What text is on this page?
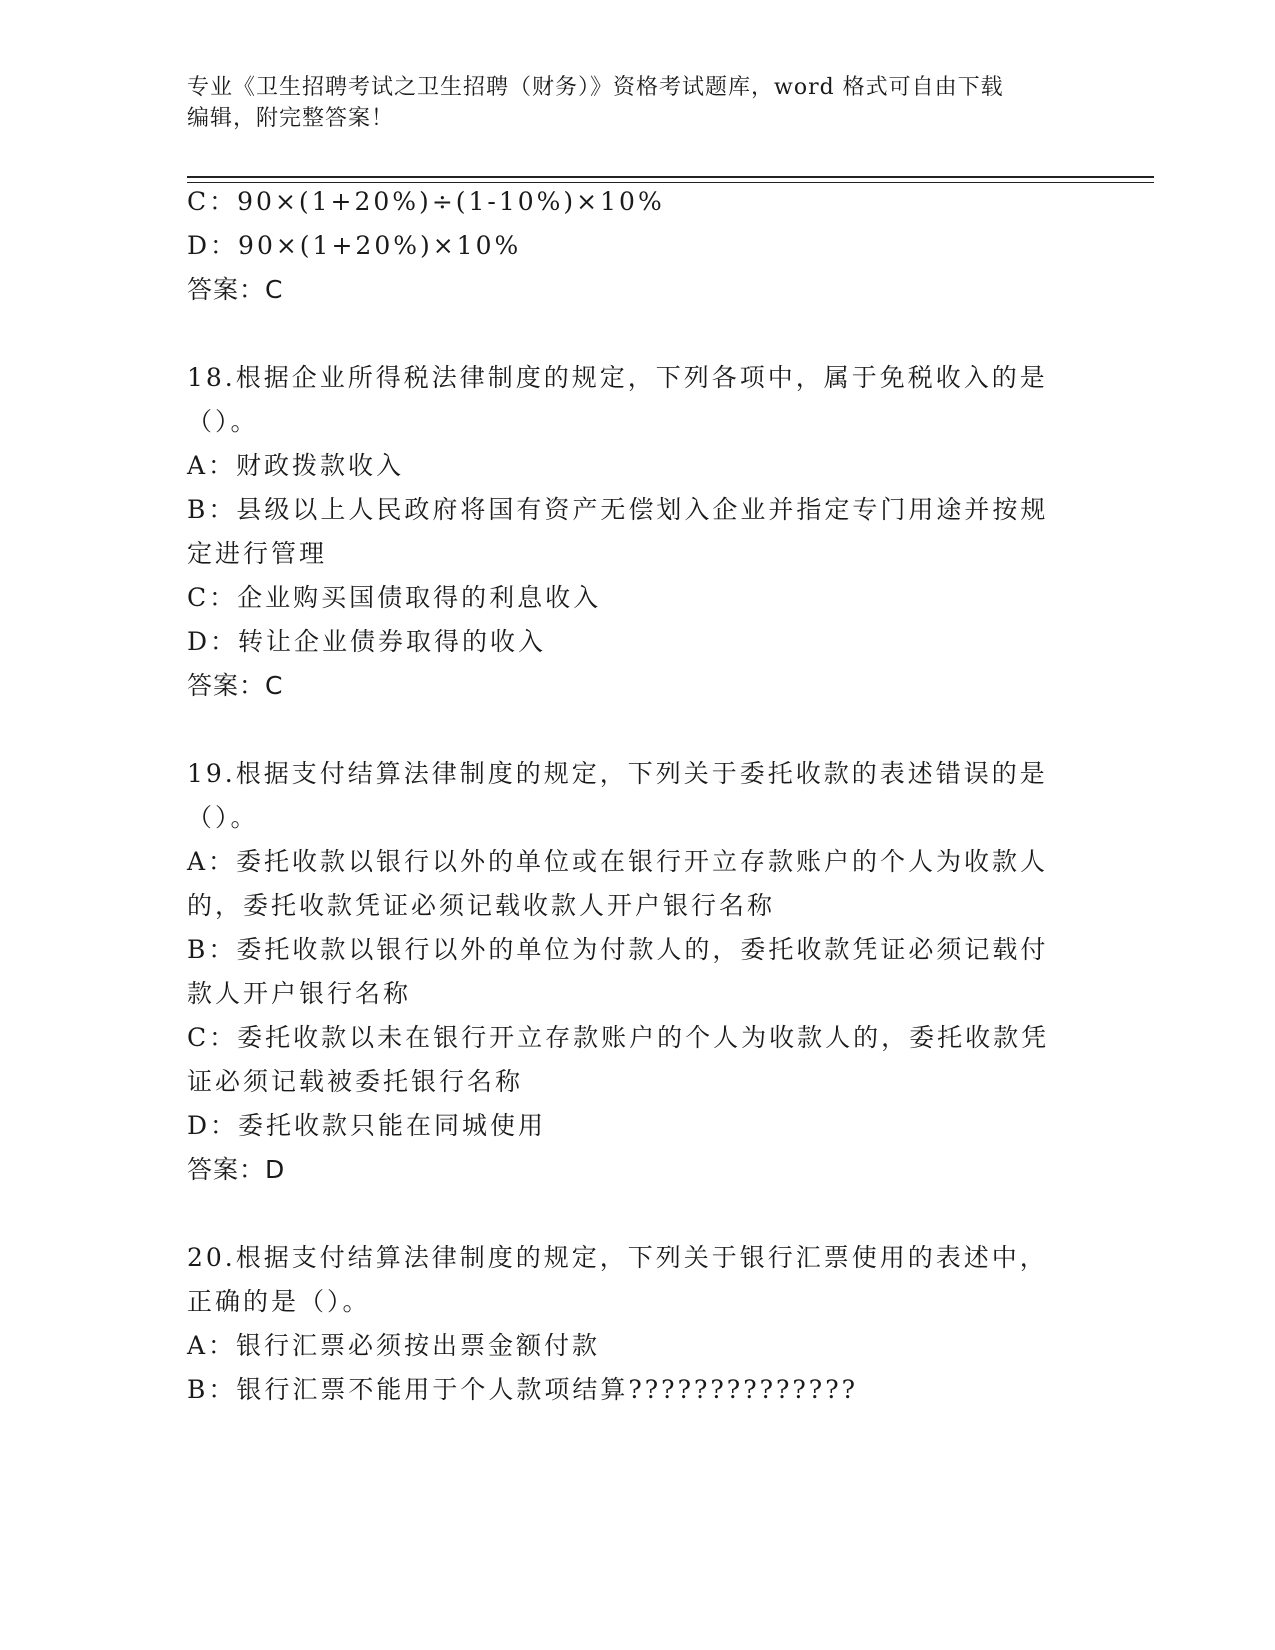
专业《卫生招聘考试之卫生招聘（财务）》资格考试题库，word 格式可自由下载
编辑，附完整答案！
C：90×(1+20%)÷(1-10%)×10%
D：90×(1+20%)×10%
答案：C
18.根据企业所得税法律制度的规定，下列各项中，属于免税收入的是
（）。
A：财政拨款收入
B：县级以上人民政府将国有资产无偿划入企业并指定专门用途并按规
定进行管理
C：企业购买国债取得的利息收入
D：转让企业债券取得的收入
答案：C
19.根据支付结算法律制度的规定，下列关于委托收款的表述错误的是
（）。
A：委托收款以银行以外的单位或在银行开立存款账户的个人为收款人
的，委托收款凭证必须记载收款人开户银行名称
B：委托收款以银行以外的单位为付款人的，委托收款凭证必须记载付
款人开户银行名称
C：委托收款以未在银行开立存款账户的个人为收款人的，委托收款凭
证必须记载被委托银行名称
D：委托收款只能在同城使用
答案：D
20.根据支付结算法律制度的规定，下列关于银行汇票使用的表述中，
正确的是（）。
A：银行汇票必须按出票金额付款
B：银行汇票不能用于个人款项结算??????????????
